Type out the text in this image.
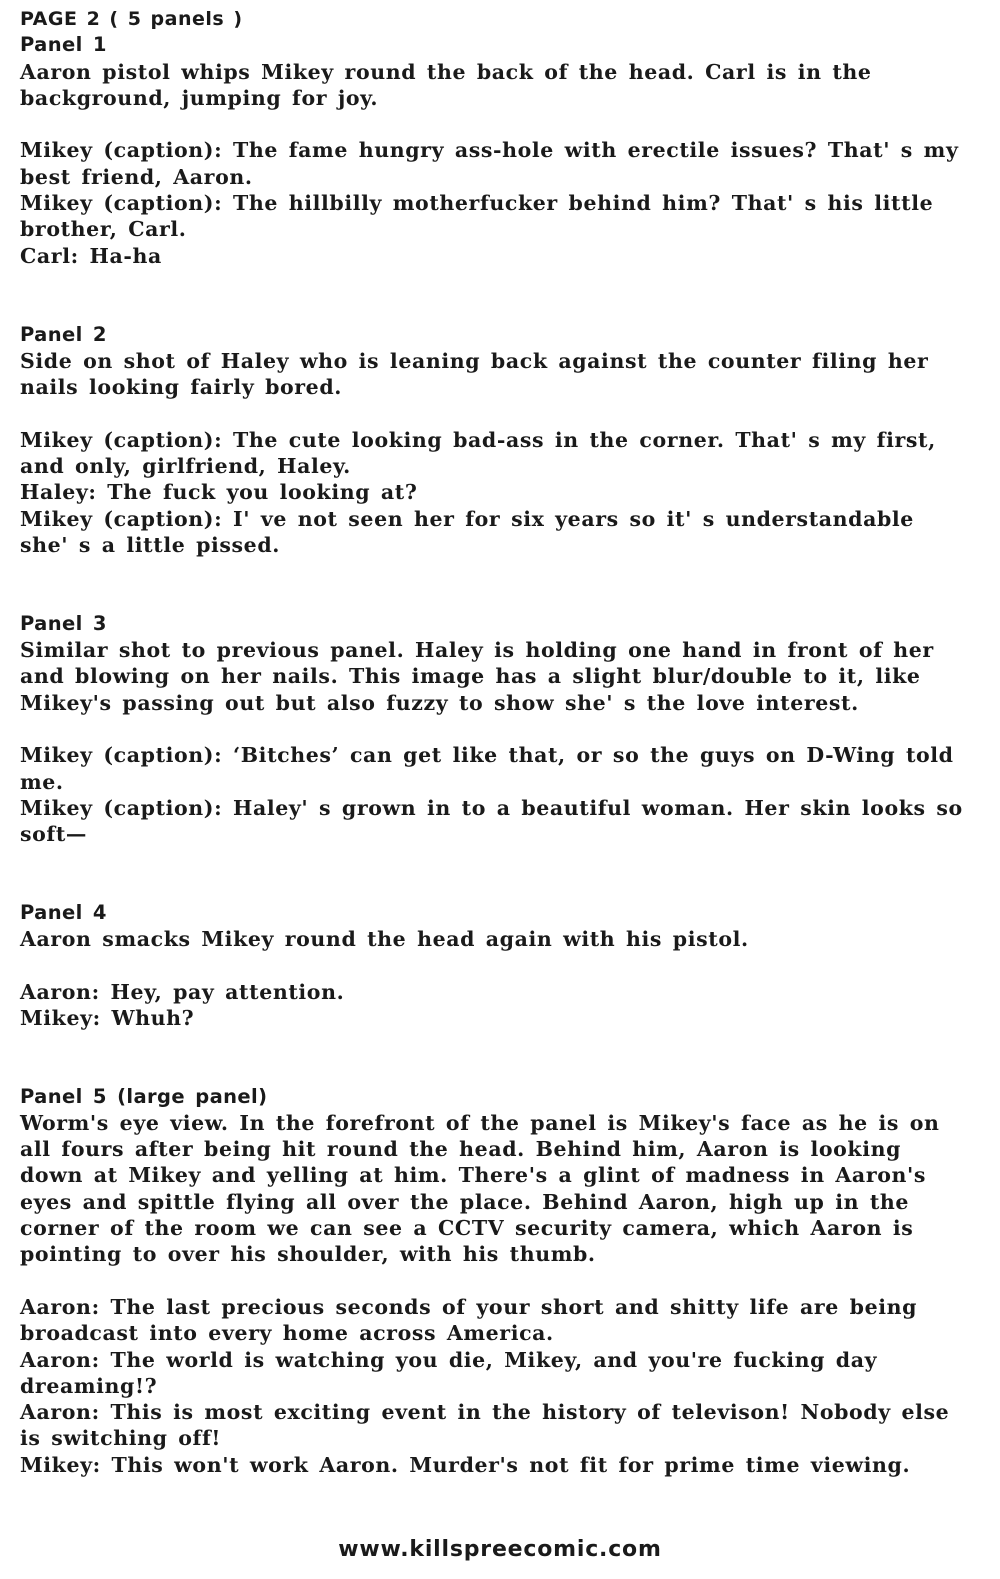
PAGE 2 ( 5 panels )
Panel 1
Aaron pistol whips Mikey round the back of the head. Carl is in the background, jumping for joy.
Mikey (caption): The fame hungry ass-hole with erectile issues? That' s my best friend, Aaron.
Mikey (caption): The hillbilly motherfucker behind him? That' s his little brother, Carl.
Carl: Ha-ha
Panel 2
Side on shot of Haley who is leaning back against the counter filing her nails looking fairly bored.
Mikey (caption): The cute looking bad-ass in the corner. That' s my first, and only, girlfriend, Haley.
Haley: The fuck you looking at?
Mikey (caption): I' ve not seen her for six years so it' s understandable she' s a little pissed.
Panel 3
Similar shot to previous panel. Haley is holding one hand in front of her and blowing on her nails. This image has a slight blur/double to it, like Mikey's passing out but also fuzzy to show she' s the love interest.
Mikey (caption): ‘Bitches’ can get like that, or so the guys on D-Wing told me.
Mikey (caption): Haley' s grown in to a beautiful woman. Her skin looks so soft—
Panel 4
Aaron smacks Mikey round the head again with his pistol.
Aaron: Hey, pay attention.
Mikey: Whuh?
Panel 5 (large panel)
Worm's eye view. In the forefront of the panel is Mikey's face as he is on all fours after being hit round the head. Behind him, Aaron is looking down at Mikey and yelling at him. There's a glint of madness in Aaron's eyes and spittle flying all over the place. Behind Aaron, high up in the corner of the room we can see a CCTV security camera, which Aaron is pointing to over his shoulder, with his thumb.
Aaron: The last precious seconds of your short and shitty life are being broadcast into every home across America.
Aaron: The world is watching you die, Mikey, and you're fucking day dreaming!?
Aaron: This is most exciting event in the history of televison! Nobody else is switching off!
Mikey: This won't work Aaron. Murder's not fit for prime time viewing.
www.killspreecomic.com
